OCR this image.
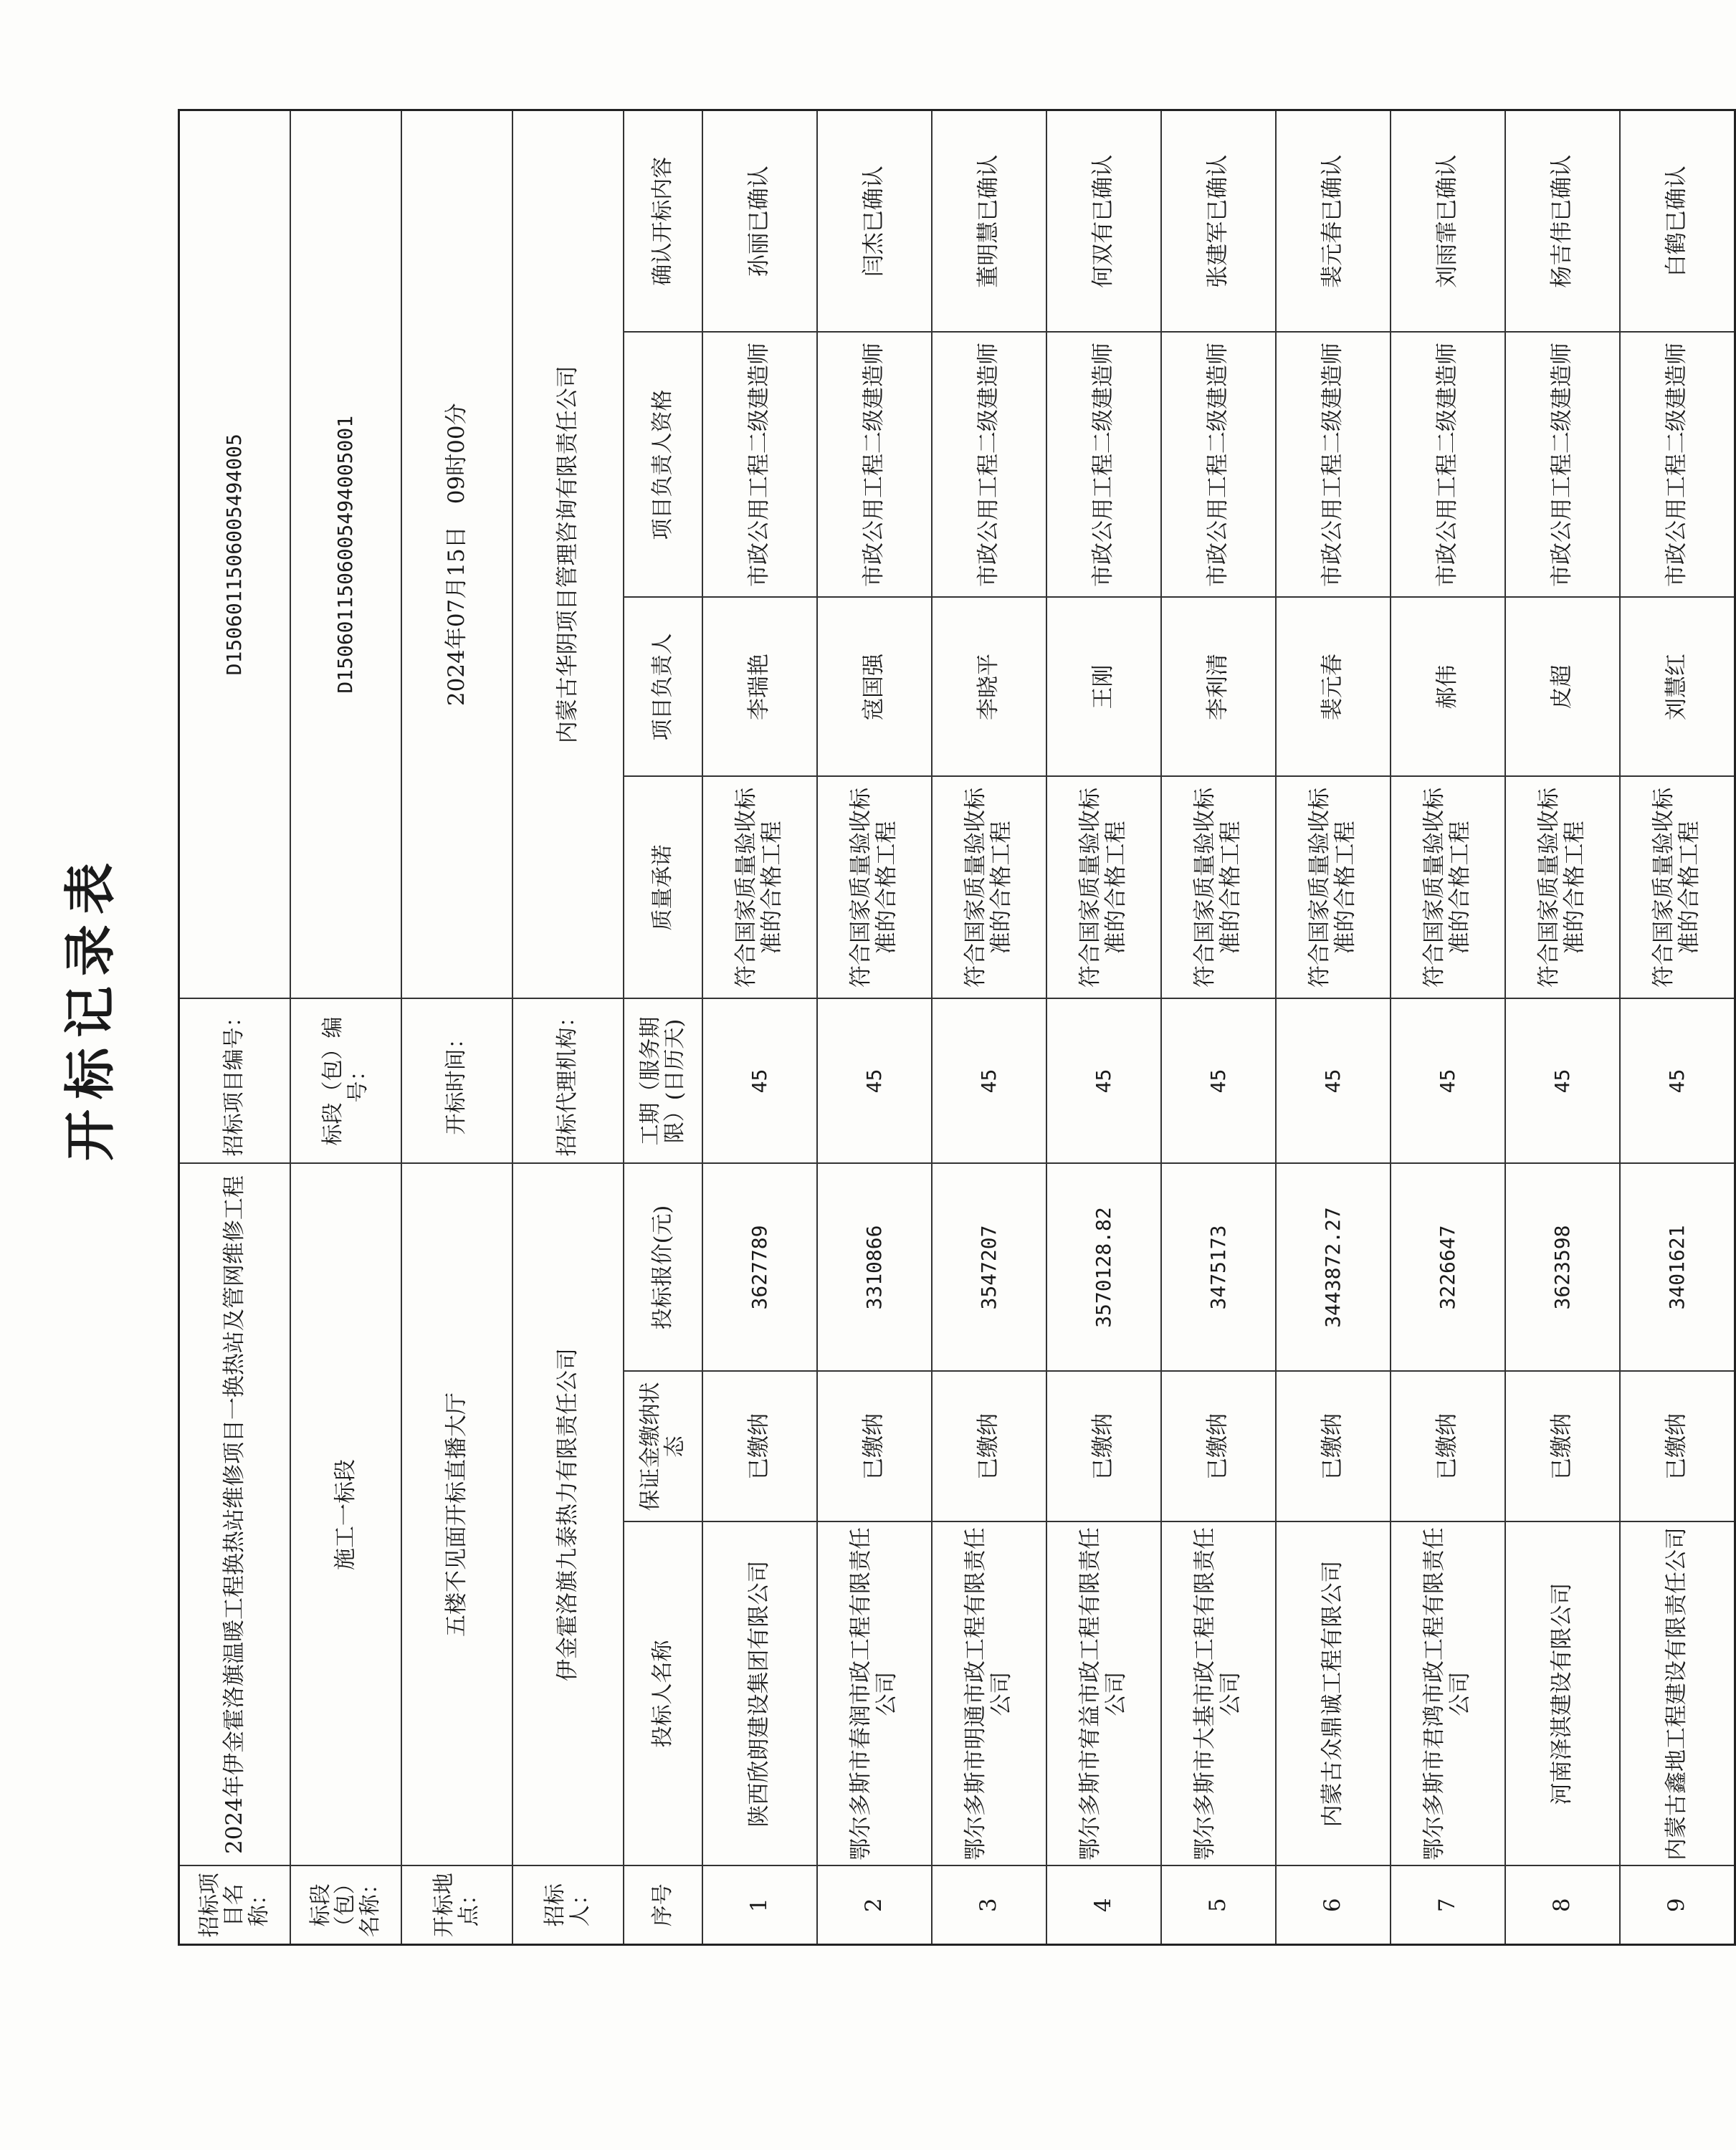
开标记录表
招标项目名称：	2024年伊金霍洛旗温暖工程换热站维修项目一换热站及管网维修工程			招标项目编号：	D150601150600549400​5			
标段（包）名称：	施工一标段			标段（包）编号：	D150601150600549400​5001			
开标地点：	五楼不见面开标直播大厅			开标时间：	2024年07月15日　09时00分			
招标人：	伊金霍洛旗九泰热力有限责任公司			招标代理机构：	内蒙古华阴项目管理咨询有限责任公司			
序号	投标人名称	保证金缴纳状态	投标报价(元)	工期（服务期限）(日历天)	质量承诺	项目负责人	项目负责人资格	确认开标内容
1	陕西欣朗建设集团有限公司	已缴纳	3627789	45	符合国家质量验收标准的合格工程	李瑞艳	市政公用工程二级建造师	孙丽已确认
2	鄂尔多斯市春润市政工程有限责任公司	已缴纳	3310866	45	符合国家质量验收标准的合格工程	寇国强	市政公用工程二级建造师	闫杰已确认
3	鄂尔多斯市明通市政工程有限责任公司	已缴纳	3547207	45	符合国家质量验收标准的合格工程	李晓平	市政公用工程二级建造师	董明慧已确认
4	鄂尔多斯市宥益市政工程有限责任公司	已缴纳	3570128.82	45	符合国家质量验收标准的合格工程	王刚	市政公用工程二级建造师	何双有已确认
5	鄂尔多斯市大基市政工程有限责任公司	已缴纳	3475173	45	符合国家质量验收标准的合格工程	李利清	市政公用工程二级建造师	张建军已确认
6	内蒙古众鼎诚工程有限公司	已缴纳	3443872.27	45	符合国家质量验收标准的合格工程	裴元春	市政公用工程二级建造师	裴元春已确认
7	鄂尔多斯市君鸿市政工程有限责任公司	已缴纳	3226647	45	符合国家质量验收标准的合格工程	郝伟	市政公用工程二级建造师	刘雨霏已确认
8	河南泽淇建设有限公司	已缴纳	3623598	45	符合国家质量验收标准的合格工程	皮超	市政公用工程二级建造师	杨吉伟已确认
9	内蒙古鑫地工程建设有限责任公司	已缴纳	3401621	45	符合国家质量验收标准的合格工程	刘慧红	市政公用工程二级建造师	白鹤已确认
